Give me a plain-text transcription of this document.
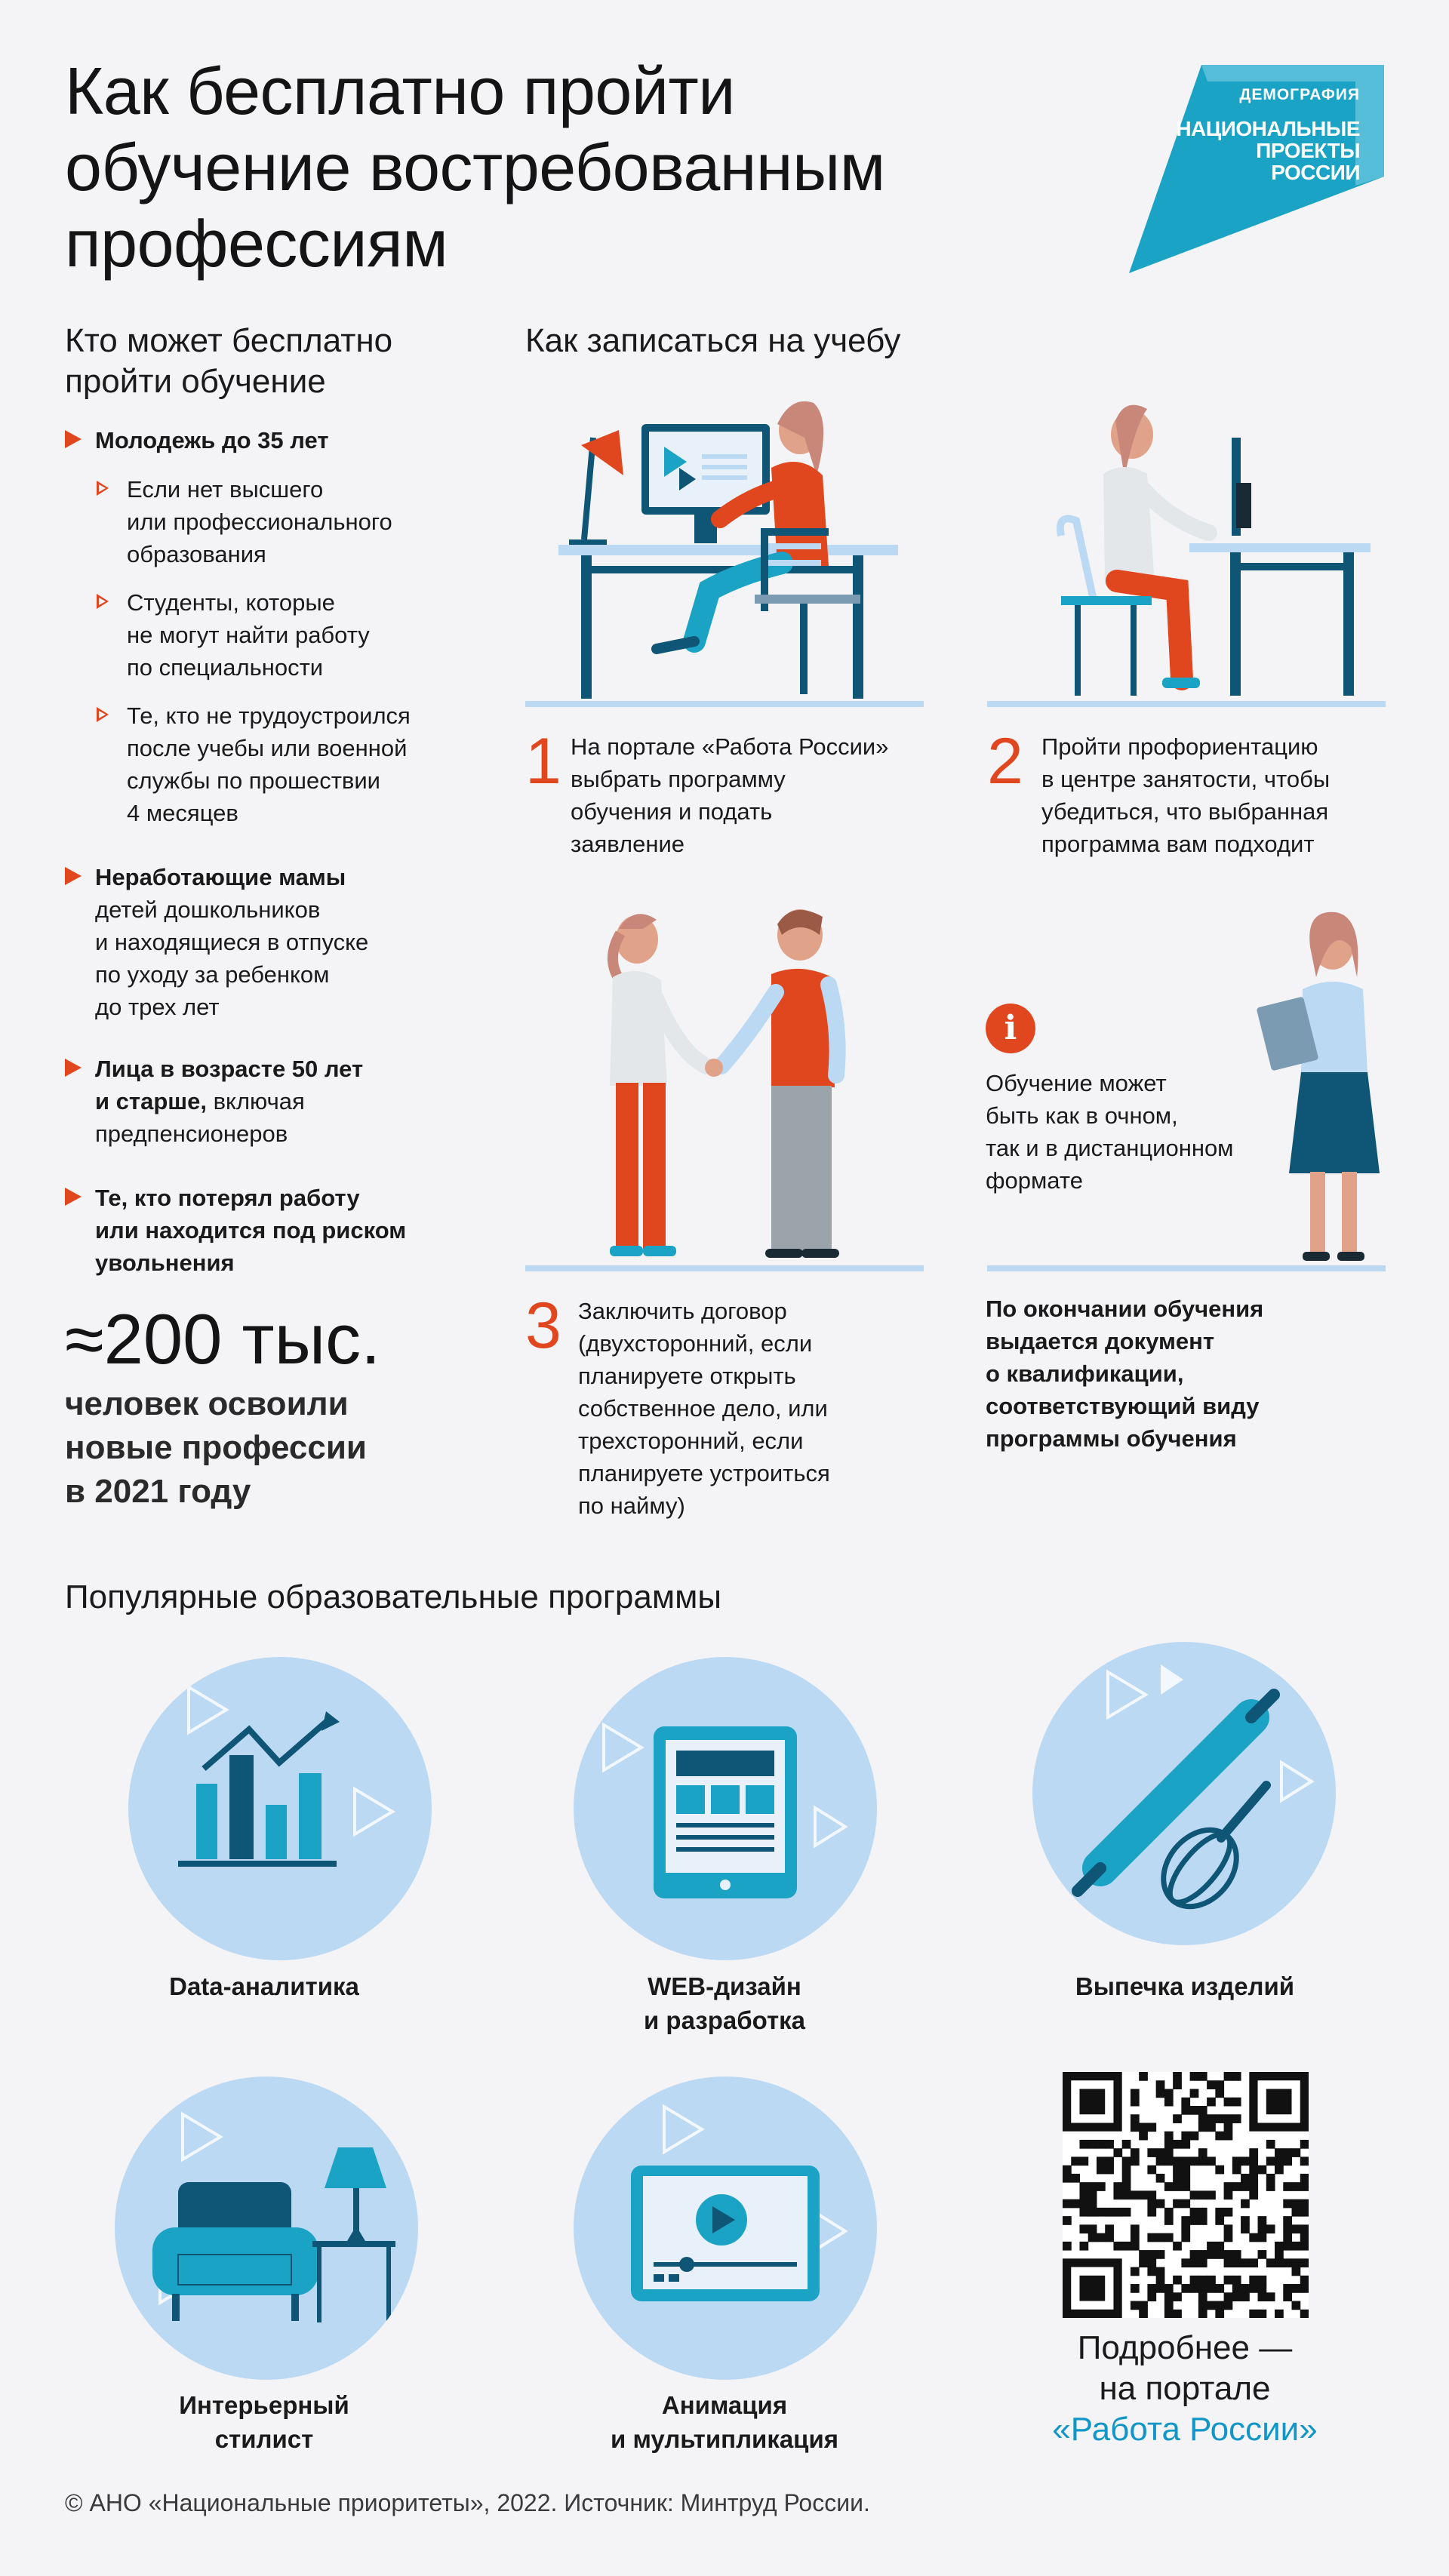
Как бесплатно пройти
обучение востребованным
профессиям
ДЕМОГРАФИЯ
НАЦИОНАЛЬНЫЕ
ПРОЕКТЫ
РОССИИ
Кто может бесплатно
пройти обучение
Молодежь до 35 лет
Если нет высшего
или профессионального
образования
Студенты, которые
не могут найти работу
по специальности
Те, кто не трудоустроился
после учебы или военной
службы по прошествии
4 месяцев
Неработающие мамы
детей дошкольников
и находящиеся в отпуске
по уходу за ребенком
до трех лет
Лица в возрасте 50 лет
и старше, включая
предпенсионеров
Те, кто потерял работу
или находится под риском
увольнения
≈200 тыс.
человек освоили
новые профессии
в 2021 году
Как записаться на учебу
1 На портале «Работа России»
выбрать программу
обучения и подать
заявление
2 Пройти профориентацию
в центре занятости, чтобы
убедиться, что выбранная
программа вам подходит
i
Обучение может
быть как в очном,
так и в дистанционном
формате
3 Заключить договор
(двухсторонний, если
планируете открыть
собственное дело, или
трехсторонний, если
планируете устроиться
по найму)
По окончании обучения
выдается документ
о квалификации,
соответствующий виду
программы обучения
Популярные образовательные программы
Data-аналитика	WEB-дизайн
и разработка
Выпечка изделий
Интерьерный
стилист
Анимация
и мультипликация
Подробнее —
на портале
«Работа России»
© АНО «Национальные приоритеты», 2022. Источник: Минтруд России.
